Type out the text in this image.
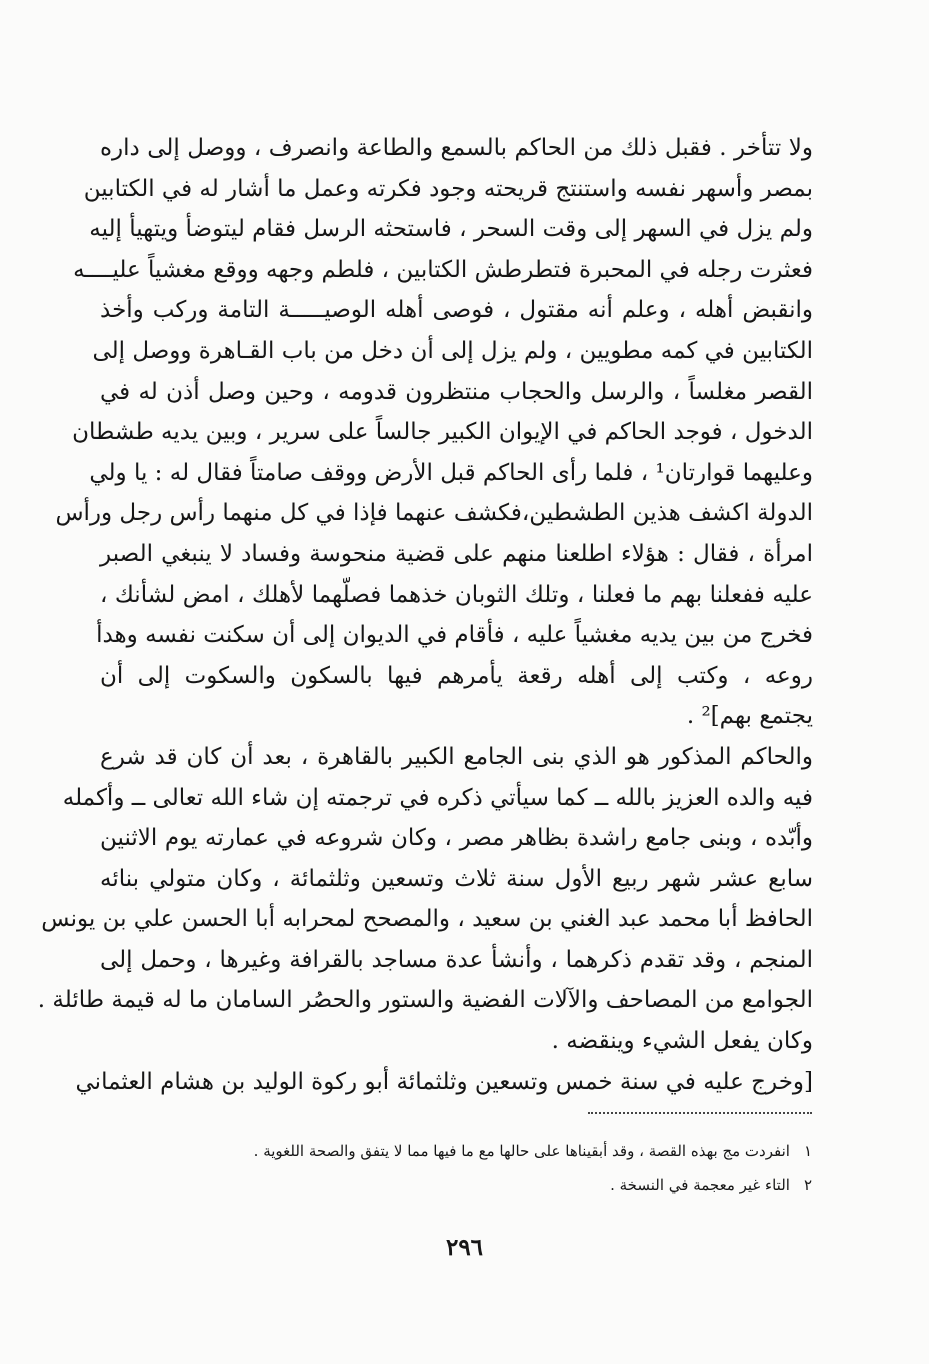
ولا تتأخر . فقبل ذلك من الحاكم بالسمع والطاعة وانصرف ، ووصل إلى داره
بمصر وأسهر نفسه واستنتج قريحته وجود فكرته وعمل ما أشار له في الكتابين
ولم يزل في السهر إلى وقت السحر ، فاستحثه الرسل فقام ليتوضأ ويتهيأ إليه
فعثرت رجله في المحبرة فتطرطش الكتابين ، فلطم وجهه ووقع مغشياً عليــــه
وانقبض أهله ، وعلم أنه مقتول ، فوصى أهله الوصيـــــة التامة وركب وأخذ
الكتابين في كمه مطويين ، ولم يزل إلى أن دخل من باب القـاهرة ووصل إلى
القصر مغلساً ، والرسل والحجاب منتظرون قدومه ، وحين وصل أذن له في
الدخول ، فوجد الحاكم في الإيوان الكبير جالساً على سرير ، وبين يديه طشطان
وعليهما قوارتان¹ ، فلما رأى الحاكم قبل الأرض ووقف صامتاً فقال له : يا ولي
الدولة اكشف هذين الطشطين،فكشف عنهما فإذا في كل منهما رأس رجل ورأس
امرأة ، فقال : هؤلاء اطلعنا منهم على قضية منحوسة وفساد لا ينبغي الصبر
عليه ففعلنا بهم ما فعلنا ، وتلك الثوبان خذهما فصلّهما لأهلك ، امض لشأنك ،
فخرج من بين يديه مغشياً عليه ، فأقام في الديوان إلى أن سكنت نفسه وهدأ
روعه ، وكتب إلى أهله رقعة يأمرهم فيها بالسكون والسكوت إلى أن
يجتمع بهم]² .
والحاكم المذكور هو الذي بنى الجامع الكبير بالقاهرة ، بعد أن كان قد شرع
فيه والده العزيز بالله ــ كما سيأتي ذكره في ترجمته إن شاء الله تعالى ــ وأكمله
وأبّده ، وبنى جامع راشدة بظاهر مصر ، وكان شروعه في عمارته يوم الاثنين
سابع عشر شهر ربيع الأول سنة ثلاث وتسعين وثلثمائة ، وكان متولي بنائه
الحافظ أبا محمد عبد الغني بن سعيد ، والمصحح لمحرابه أبا الحسن علي بن يونس
المنجم ، وقد تقدم ذكرهما ، وأنشأ عدة مساجد بالقرافة وغيرها ، وحمل إلى
الجوامع من المصاحف والآلات الفضية والستور والحصُر السامان ما له قيمة طائلة .
وكان يفعل الشيء وينقضه .
[وخرج عليه في سنة خمس وتسعين وثلثمائة أبو ركوة الوليد بن هشام العثماني
١انفردت مج بهذه القصة ، وقد أبقيناها على حالها مع ما فيها مما لا يتفق والصحة اللغوية .
٢التاء غير معجمة في النسخة .
٢٩٦
